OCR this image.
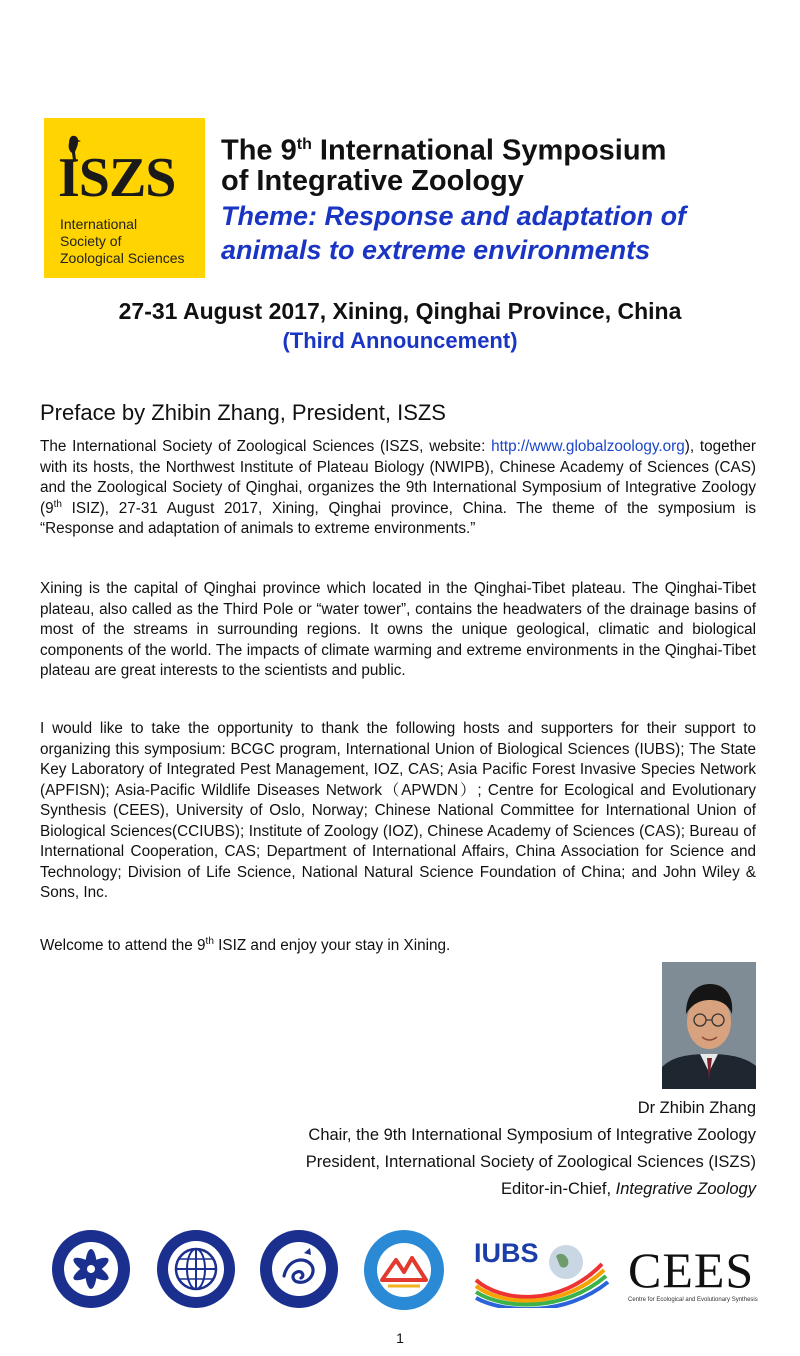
ISZS
International
Society of
Zoological Sciences
The 9th International Symposium
of Integrative Zoology
Theme: Response and adaptation of
animals to extreme environments
27-31 August 2017, Xining, Qinghai Province, China
(Third Announcement)
Preface by Zhibin Zhang, President, ISZS
The International Society of Zoological Sciences (ISZS, website: http://www.globalzoology.org), together with its hosts, the Northwest Institute of Plateau Biology (NWIPB), Chinese Academy of Sciences (CAS) and the Zoological Society of Qinghai, organizes the 9th International Symposium of Integrative Zoology (9th ISIZ), 27-31 August 2017, Xining, Qinghai province, China. The theme of the symposium is “Response and adaptation of animals to extreme environments.”
Xining is the capital of Qinghai province which located in the Qinghai-Tibet plateau. The Qinghai-Tibet plateau, also called as the Third Pole or “water tower”, contains the headwaters of the drainage basins of most of the streams in surrounding regions. It owns the unique geological, climatic and biological components of the world. The impacts of climate warming and extreme environments in the Qinghai-Tibet plateau are great interests to the scientists and public.
I would like to take the opportunity to thank the following hosts and supporters for their support to organizing this symposium: BCGC program, International Union of Biological Sciences (IUBS); The State Key Laboratory of Integrated Pest Management, IOZ, CAS; Asia Pacific Forest Invasive Species Network (APFISN); Asia-Pacific Wildlife Diseases Network（APWDN）; Centre for Ecological and Evolutionary Synthesis (CEES), University of Oslo, Norway; Chinese National Committee for International Union of Biological Sciences(CCIUBS); Institute of Zoology (IOZ), Chinese Academy of Sciences (CAS); Bureau of International Cooperation, CAS; Department of International Affairs, China Association for Science and Technology; Division of Life Science, National Natural Science Foundation of China; and John Wiley & Sons, Inc.
Welcome to attend the 9th ISIZ and enjoy your stay in Xining.
Dr Zhibin Zhang
Chair, the 9th International Symposium of Integrative Zoology
President, International Society of Zoological Sciences (ISZS)
Editor-in-Chief, Integrative Zoology
IUBS CEES
Centre for Ecological and Evolutionary Synthesis
1
